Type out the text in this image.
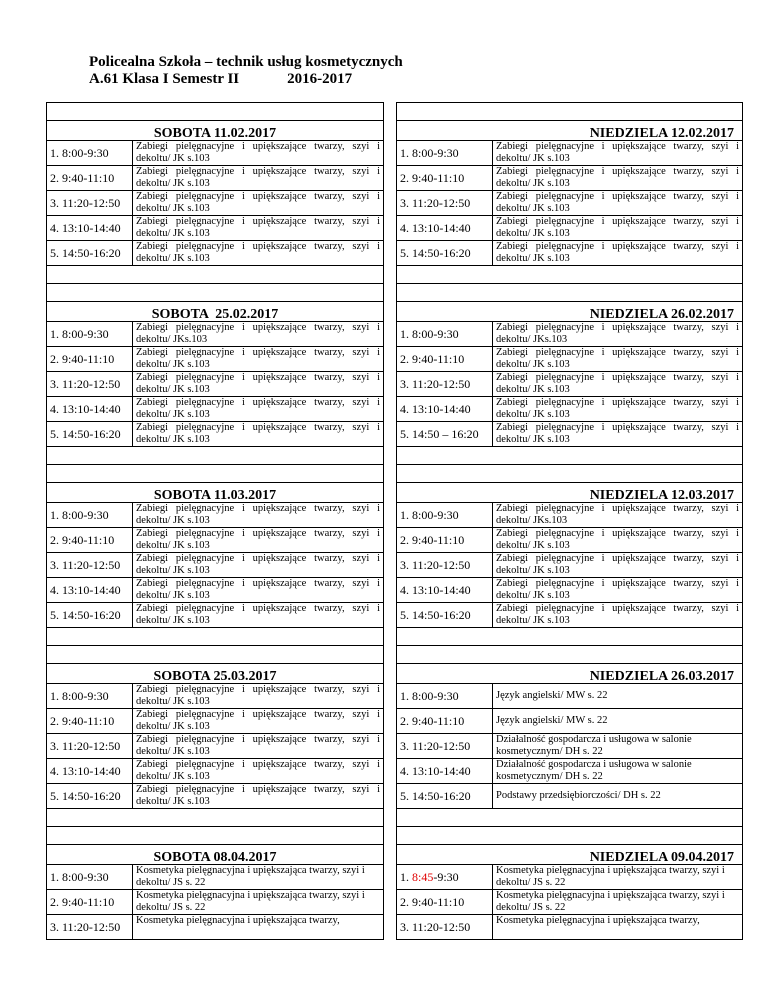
Policealna Szkoła – technik usług kosmetycznych
A.61 Klasa I Semestr II	2016-2017

SOBOTA 11.02.2017			NIEDZIELA 12.02.2017	
1. 8:00-9:30	Zabiegi pielęgnacyjne i upiększające twarzy, szyi i dekoltu/ JK s.103		1. 8:00-9:30	Zabiegi pielęgnacyjne i upiększające twarzy, szyi i dekoltu/ JK s.103
2. 9:40-11:10	Zabiegi pielęgnacyjne i upiększające twarzy, szyi i dekoltu/ JK s.103		2. 9:40-11:10	Zabiegi pielęgnacyjne i upiększające twarzy, szyi i dekoltu/ JK s.103
3. 11:20-12:50	Zabiegi pielęgnacyjne i upiększające twarzy, szyi i dekoltu/ JK s.103		3. 11:20-12:50	Zabiegi pielęgnacyjne i upiększające twarzy, szyi i dekoltu/ JK s.103
4. 13:10-14:40	Zabiegi pielęgnacyjne i upiększające twarzy, szyi i dekoltu/ JK s.103		4. 13:10-14:40	Zabiegi pielęgnacyjne i upiększające twarzy, szyi i dekoltu/ JK s.103
5. 14:50-16:20	Zabiegi pielęgnacyjne i upiększające twarzy, szyi i dekoltu/ JK s.103		5. 14:50-16:20	Zabiegi pielęgnacyjne i upiększające twarzy, szyi i dekoltu/ JK s.103

SOBOTA  25.02.2017			NIEDZIELA 26.02.2017	
1. 8:00-9:30	Zabiegi pielęgnacyjne i upiększające twarzy, szyi i dekoltu/ JKs.103		1. 8:00-9:30	Zabiegi pielęgnacyjne i upiększające twarzy, szyi i dekoltu/ JKs.103
2. 9:40-11:10	Zabiegi pielęgnacyjne i upiększające twarzy, szyi i dekoltu/ JK s.103		2. 9:40-11:10	Zabiegi pielęgnacyjne i upiększające twarzy, szyi i dekoltu/ JK s.103
3. 11:20-12:50	Zabiegi pielęgnacyjne i upiększające twarzy, szyi i dekoltu/ JK s.103		3. 11:20-12:50	Zabiegi pielęgnacyjne i upiększające twarzy, szyi i dekoltu/ JK s.103
4. 13:10-14:40	Zabiegi pielęgnacyjne i upiększające twarzy, szyi i dekoltu/ JK s.103		4. 13:10-14:40	Zabiegi pielęgnacyjne i upiększające twarzy, szyi i dekoltu/ JK s.103
5. 14:50-16:20	Zabiegi pielęgnacyjne i upiększające twarzy, szyi i dekoltu/ JK s.103		5. 14:50 – 16:20	Zabiegi pielęgnacyjne i upiększające twarzy, szyi i dekoltu/ JK s.103

SOBOTA 11.03.2017			NIEDZIELA 12.03.2017	
1. 8:00-9:30	Zabiegi pielęgnacyjne i upiększające twarzy, szyi i dekoltu/ JK s.103		1. 8:00-9:30	Zabiegi pielęgnacyjne i upiększające twarzy, szyi i dekoltu/ JKs.103
2. 9:40-11:10	Zabiegi pielęgnacyjne i upiększające twarzy, szyi i dekoltu/ JK s.103		2. 9:40-11:10	Zabiegi pielęgnacyjne i upiększające twarzy, szyi i dekoltu/ JK s.103
3. 11:20-12:50	Zabiegi pielęgnacyjne i upiększające twarzy, szyi i dekoltu/ JK s.103		3. 11:20-12:50	Zabiegi pielęgnacyjne i upiększające twarzy, szyi i dekoltu/ JK s.103
4. 13:10-14:40	Zabiegi pielęgnacyjne i upiększające twarzy, szyi i dekoltu/ JK s.103		4. 13:10-14:40	Zabiegi pielęgnacyjne i upiększające twarzy, szyi i dekoltu/ JK s.103
5. 14:50-16:20	Zabiegi pielęgnacyjne i upiększające twarzy, szyi i dekoltu/ JK s.103		5. 14:50-16:20	Zabiegi pielęgnacyjne i upiększające twarzy, szyi i dekoltu/ JK s.103

SOBOTA 25.03.2017			NIEDZIELA 26.03.2017	
1. 8:00-9:30	Zabiegi pielęgnacyjne i upiększające twarzy, szyi i dekoltu/ JK s.103		1. 8:00-9:30	Język angielski/ MW s. 22
2. 9:40-11:10	Zabiegi pielęgnacyjne i upiększające twarzy, szyi i dekoltu/ JK s.103		2. 9:40-11:10	Język angielski/ MW s. 22
3. 11:20-12:50	Zabiegi pielęgnacyjne i upiększające twarzy, szyi i dekoltu/ JK s.103		3. 11:20-12:50	Działalność gospodarcza i usługowa w salonie kosmetycznym/ DH s. 22
4. 13:10-14:40	Zabiegi pielęgnacyjne i upiększające twarzy, szyi i dekoltu/ JK s.103		4. 13:10-14:40	Działalność gospodarcza i usługowa w salonie kosmetycznym/ DH s. 22
5. 14:50-16:20	Zabiegi pielęgnacyjne i upiększające twarzy, szyi i dekoltu/ JK s.103		5. 14:50-16:20	Podstawy przedsiębiorczości/ DH s. 22

SOBOTA 08.04.2017			NIEDZIELA 09.04.2017	
1. 8:00-9:30	Kosmetyka pielęgnacyjna i upiększająca twarzy, szyi i dekoltu/ JS s. 22		1. 8:45-9:30	Kosmetyka pielęgnacyjna i upiększająca twarzy, szyi i dekoltu/ JS s. 22
2. 9:40-11:10	Kosmetyka pielęgnacyjna i upiększająca twarzy, szyi i dekoltu/ JS s. 22		2. 9:40-11:10	Kosmetyka pielęgnacyjna i upiększająca twarzy, szyi i dekoltu/ JS s. 22
3. 11:20-12:50	Kosmetyka pielęgnacyjna i upiększająca twarzy,		3. 11:20-12:50	Kosmetyka pielęgnacyjna i upiększająca twarzy,
